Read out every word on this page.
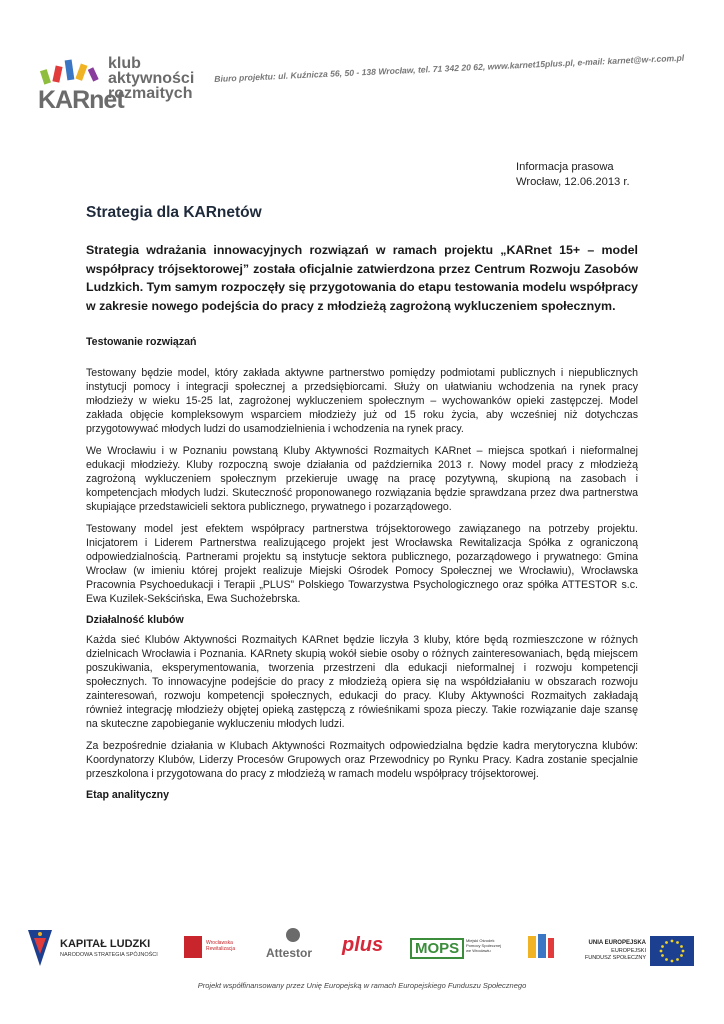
KARnet
klub
aktywności
rozmaitych
Biuro projektu: ul. Kuźnicza 56, 50 - 138 Wrocław, tel. 71 342 20 62, www.karnet15plus.pl, e-mail: karnet@w-r.com.pl
Informacja prasowa
Wrocław, 12.06.2013 r.
Strategia dla KARnetów
Strategia wdrażania innowacyjnych rozwiązań w ramach projektu „KARnet 15+ – model współpracy trójsektorowej” została oficjalnie zatwierdzona przez Centrum Rozwoju Zasobów Ludzkich. Tym samym rozpoczęły się przygotowania do etapu testowania modelu współpracy w zakresie nowego podejścia do pracy z młodzieżą zagrożoną wykluczeniem społecznym.
Testowanie rozwiązań

Testowany będzie model, który zakłada aktywne partnerstwo pomiędzy podmiotami publicznych i niepublicznych instytucji pomocy i integracji społecznej a przedsiębiorcami. Służy on ułatwianiu wchodzenia na rynek pracy młodzieży w wieku 15-25 lat, zagrożonej wykluczeniem społecznym – wychowanków opieki zastępczej. Model zakłada objęcie kompleksowym wsparciem młodzieży już od 15 roku życia, aby wcześniej niż dotychczas przygotowywać młodych ludzi do usamodzielnienia i wchodzenia na rynek pracy.

We Wrocławiu i w Poznaniu powstaną Kluby Aktywności Rozmaitych KARnet – miejsca spotkań i nieformalnej edukacji młodzieży. Kluby rozpoczną swoje działania od października 2013 r. Nowy model pracy z młodzieżą zagrożoną wykluczeniem społecznym przekieruje uwagę na pracę pozytywną, skupioną na zasobach i kompetencjach młodych ludzi. Skuteczność proponowanego rozwiązania będzie sprawdzana przez dwa partnerstwa skupiające przedstawicieli sektora publicznego, prywatnego i pozarządowego.

Testowany model jest efektem współpracy partnerstwa trójsektorowego zawiązanego na potrzeby projektu. Inicjatorem i Liderem Partnerstwa realizującego projekt jest Wrocławska Rewitalizacja Spółka z ograniczoną odpowiedzialnością. Partnerami projektu są instytucje sektora publicznego, pozarządowego i prywatnego: Gmina Wrocław (w imieniu której projekt realizuje Miejski Ośrodek Pomocy Społecznej we Wrocławiu), Wrocławska Pracownia Psychoedukacji i Terapii „PLUS” Polskiego Towarzystwa Psychologicznego oraz spółka ATTESTOR s.c. Ewa Kuzilek-Sekścińska, Ewa Suchożebrska.

Działalność klubów

Każda sieć Klubów Aktywności Rozmaitych KARnet będzie liczyła 3 kluby, które będą rozmieszczone w różnych dzielnicach Wrocławia i Poznania. KARnety skupią wokół siebie osoby o różnych zainteresowaniach, będą miejscem poszukiwania, eksperymentowania, tworzenia przestrzeni dla edukacji nieformalnej i rozwoju kompetencji społecznych. To innowacyjne podejście do pracy z młodzieżą opiera się na współdziałaniu w obszarach rozwoju zainteresowań, rozwoju kompetencji społecznych, edukacji do pracy. Kluby Aktywności Rozmaitych zakładają również integrację młodzieży objętej opieką zastępczą z rówieśnikami spoza pieczy. Takie rozwiązanie daje szansę na skuteczne zapobieganie wykluczeniu młodych ludzi.

Za bezpośrednie działania w Klubach Aktywności Rozmaitych odpowiedzialna będzie kadra merytoryczna klubów: Koordynatorzy Klubów, Liderzy Procesów Grupowych oraz Przewodnicy po Rynku Pracy. Kadra zostanie specjalnie przeszkolona i przygotowana do pracy z młodzieżą w ramach modelu współpracy trójsektorowej.

Etap analityczny
KAPITAŁ LUDZKI
NARODOWA STRATEGIA SPÓJNOŚCI
Wrocławska Rewitalizacja	Attestor plus	MOPS	Miejski Ośrodek Pomocy Społecznej we Wrocławiu
UNIA EUROPEJSKA
EUROPEJSKI
FUNDUSZ SPOŁECZNY
Projekt współfinansowany przez Unię Europejską w ramach Europejskiego Funduszu Społecznego
